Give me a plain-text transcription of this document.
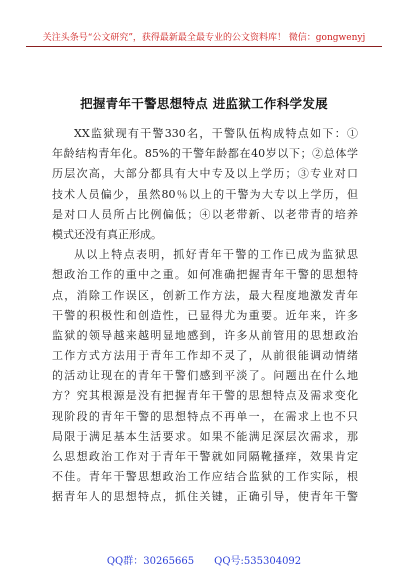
关注头条号“公文研究”，获得最新最全最专业的公文资料库！ 微信：gongwenyj
把握青年干警思想特点 进监狱工作科学发展
XX监狱现有干警330名，干警队伍构成特点如下：①
年龄结构青年化。85%的干警年龄都在40岁以下；②总体学
历层次高，大部分都具有大中专及以上学历；③专业对口
技术人员偏少，虽然80％以上的干警为大专以上学历，但
是对口人员所占比例偏低；④以老带新、以老带青的培养
模式还没有真正形成。
从以上特点表明，抓好青年干警的工作已成为监狱思
想政治工作的重中之重。如何准确把握青年干警的思想特
点，消除工作误区，创新工作方法，最大程度地激发青年
干警的积极性和创造性，已显得尤为重要。近年来，许多
监狱的领导越来越明显地感到，许多从前管用的思想政治
工作方式方法用于青年工作却不灵了，从前很能调动情绪
的活动让现在的青年干警们感到平淡了。问题出在什么地
方？究其根源是没有把握青年干警的思想特点及需求变化
现阶段的青年干警的思想特点不再单一，在需求上也不只
局限于满足基本生活要求。如果不能满足深层次需求，那
么思想政治工作对于青年干警就如同隔靴搔痒，效果肯定
不佳。青年干警思想政治工作应结合监狱的工作实际，根
据青年人的思想特点，抓住关键，正确引导，使青年干警
QQ群：30265665 QQ号:535304092
